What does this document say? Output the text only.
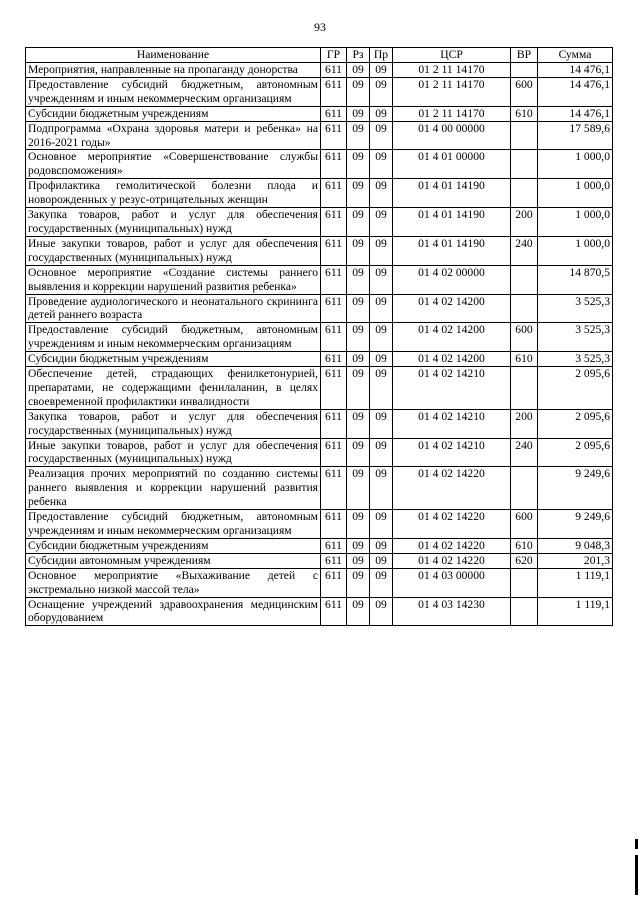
93
Наименование	ГР	Рз	Пр	ЦСР	ВР	Сумма
Мероприятия, направленные на пропаганду донорства	611	09	09	01 2 11 14170		14 476,1
Предоставление субсидий бюджетным, автономным учреждениям и иным некоммерческим организациям	611	09	09	01 2 11 14170	600	14 476,1
Субсидии бюджетным учреждениям	611	09	09	01 2 11 14170	610	14 476,1
Подпрограмма «Охрана здоровья матери и ребенка» на 2016-2021 годы»	611	09	09	01 4 00 00000		17 589,6
Основное мероприятие «Совершенствование службы родовспоможения»	611	09	09	01 4 01 00000		1 000,0
Профилактика гемолитической болезни плода и новорожденных у резус-отрицательных женщин	611	09	09	01 4 01 14190		1 000,0
Закупка товаров, работ и услуг для обеспечения государственных (муниципальных) нужд	611	09	09	01 4 01 14190	200	1 000,0
Иные закупки товаров, работ и услуг для обеспечения государственных (муниципальных) нужд	611	09	09	01 4 01 14190	240	1 000,0
Основное мероприятие «Создание системы раннего выявления и коррекции нарушений развития ребенка»	611	09	09	01 4 02 00000		14 870,5
Проведение аудиологического и неонатального скрининга детей раннего возраста	611	09	09	01 4 02 14200		3 525,3
Предоставление субсидий бюджетным, автономным учреждениям и иным некоммерческим организациям	611	09	09	01 4 02 14200	600	3 525,3
Субсидии бюджетным учреждениям	611	09	09	01 4 02 14200	610	3 525,3
Обеспечение детей, страдающих фенилкетонурией, препаратами, не содержащими фенилаланин, в целях своевременной профилактики инвалидности	611	09	09	01 4 02 14210		2 095,6
Закупка товаров, работ и услуг для обеспечения государственных (муниципальных) нужд	611	09	09	01 4 02 14210	200	2 095,6
Иные закупки товаров, работ и услуг для обеспечения государственных (муниципальных) нужд	611	09	09	01 4 02 14210	240	2 095,6
Реализация прочих мероприятий по созданию системы раннего выявления и коррекции нарушений развития ребенка	611	09	09	01 4 02 14220		9 249,6
Предоставление субсидий бюджетным, автономным учреждениям и иным некоммерческим организациям	611	09	09	01 4 02 14220	600	9 249,6
Субсидии бюджетным учреждениям	611	09	09	01 4 02 14220	610	9 048,3
Субсидии автономным учреждениям	611	09	09	01 4 02 14220	620	201,3
Основное мероприятие «Выхаживание детей с экстремально низкой массой тела»	611	09	09	01 4 03 00000		1 119,1
Оснащение учреждений здравоохранения медицинским оборудованием	611	09	09	01 4 03 14230		1 119,1
